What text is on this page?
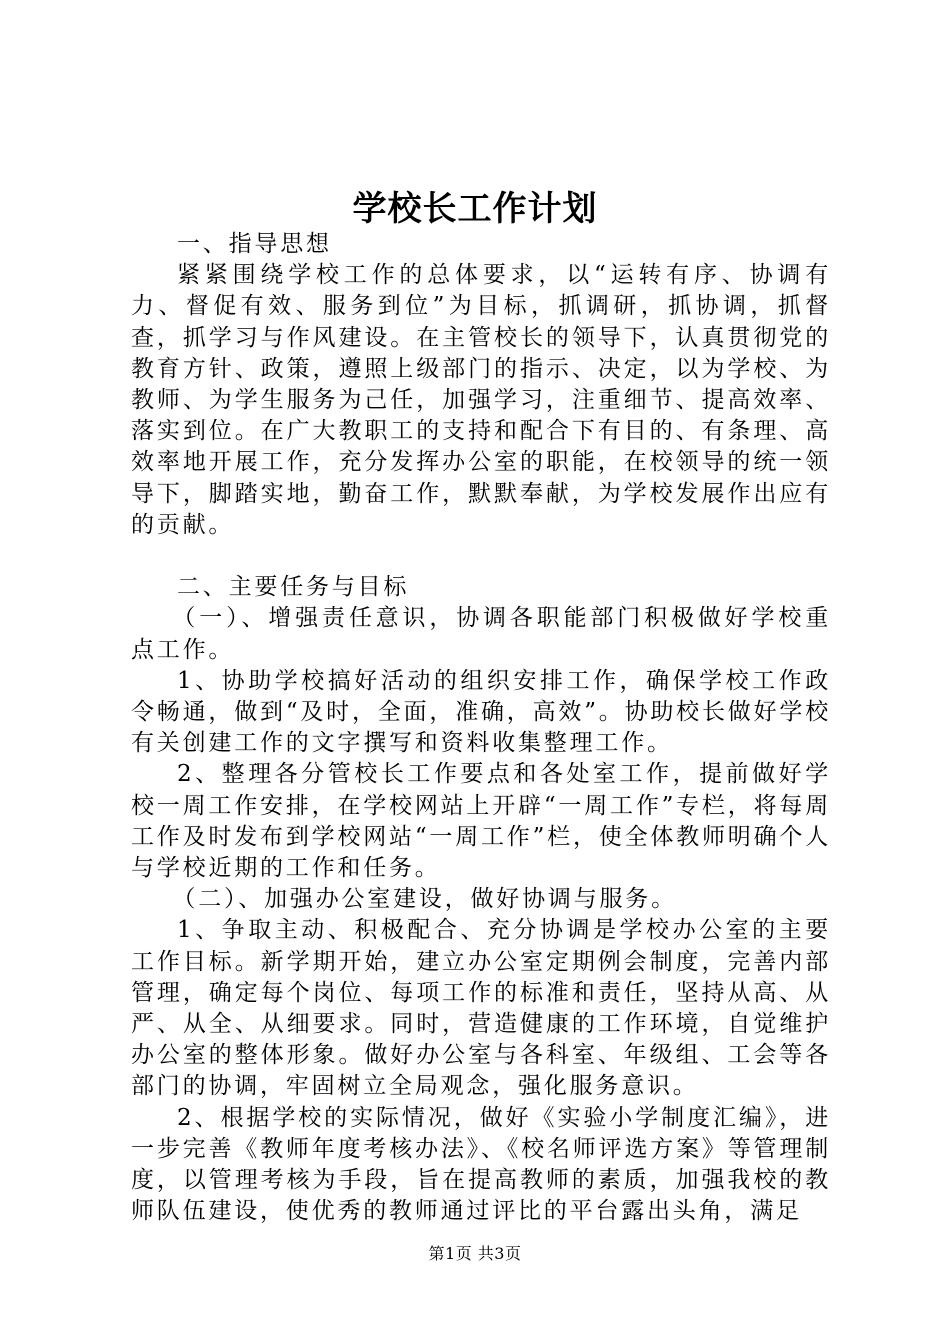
学校长工作计划

一、指导思想

紧紧围绕学校工作的总体要求，以“运转有序、协调有力、督促有效、服务到位”为目标，抓调研，抓协调，抓督查，抓学习与作风建设。在主管校长的领导下，认真贯彻党的教育方针、政策，遵照上级部门的指示、决定，以为学校、为教师、为学生服务为己任，加强学习，注重细节、提高效率、落实到位。在广大教职工的支持和配合下有目的、有条理、高效率地开展工作，充分发挥办公室的职能，在校领导的统一领导下，脚踏实地，勤奋工作，默默奉献，为学校发展作出应有的贡献。

二、主要任务与目标

（一）、增强责任意识，协调各职能部门积极做好学校重点工作。

1、协助学校搞好活动的组织安排工作，确保学校工作政令畅通，做到“及时，全面，准确，高效”。协助校长做好学校有关创建工作的文字撰写和资料收集整理工作。

2、整理各分管校长工作要点和各处室工作，提前做好学校一周工作安排，在学校网站上开辟“一周工作”专栏，将每周工作及时发布到学校网站“一周工作”栏，使全体教师明确个人与学校近期的工作和任务。

（二）、加强办公室建设，做好协调与服务。

1、争取主动、积极配合、充分协调是学校办公室的主要工作目标。新学期开始，建立办公室定期例会制度，完善内部管理，确定每个岗位、每项工作的标准和责任，坚持从高、从严、从全、从细要求。同时，营造健康的工作环境，自觉维护办公室的整体形象。做好办公室与各科室、年级组、工会等各部门的协调，牢固树立全局观念，强化服务意识。

2、根据学校的实际情况，做好《实验小学制度汇编》，进一步完善《教师年度考核办法》、《校名师评选方案》等管理制度，以管理考核为手段，旨在提高教师的素质，加强我校的教师队伍建设，使优秀的教师通过评比的平台露出头角，满足

第1页 共3页
